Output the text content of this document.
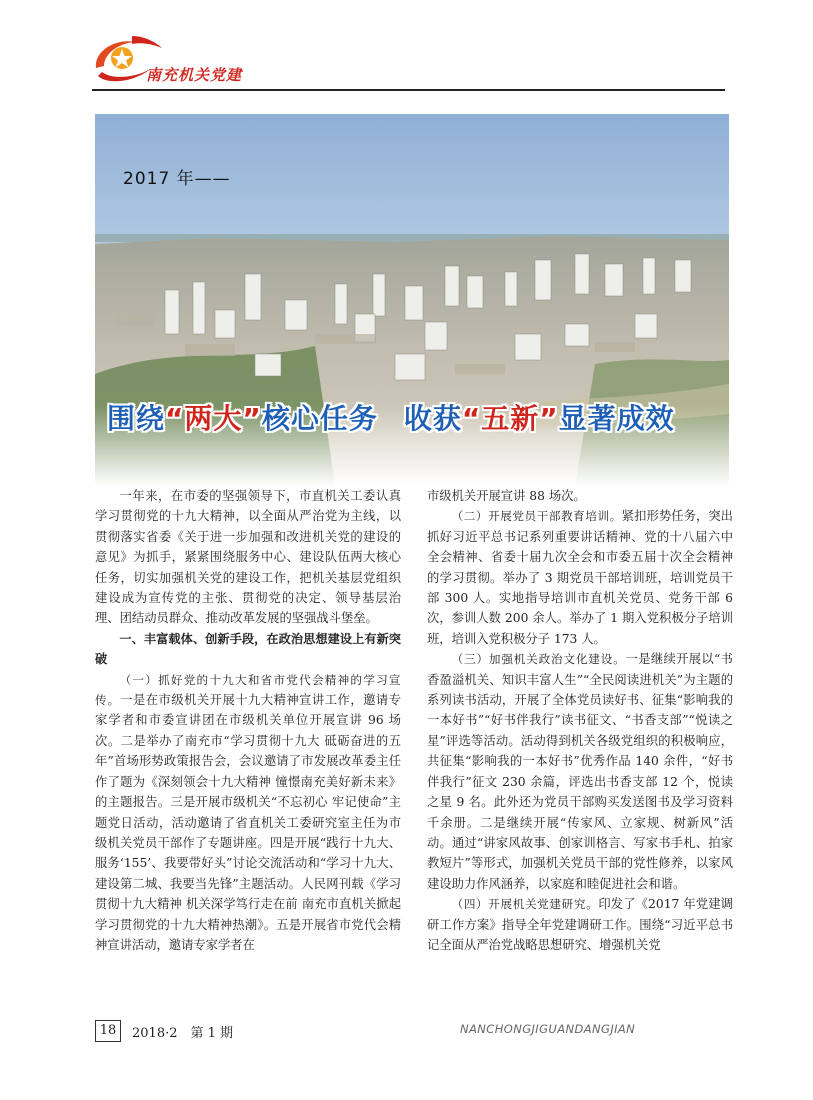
南充机关党建
2017 年——
围绕“两大”核心任务 收获“五新”显著成效

一年来，在市委的坚强领导下，市直机关工委认真学习贯彻党的十九大精神，以全面从严治党为主线，以贯彻落实省委《关于进一步加强和改进机关党的建设的意见》为抓手，紧紧围绕服务中心、建设队伍两大核心任务，切实加强机关党的建设工作，把机关基层党组织建设成为宣传党的主张、贯彻党的决定、领导基层治理、团结动员群众、推动改革发展的坚强战斗堡垒。

一、丰富载体、创新手段，在政治思想建设上有新突破

（一）抓好党的十九大和省市党代会精神的学习宣传。一是在市级机关开展十九大精神宣讲工作，邀请专家学者和市委宣讲团在市级机关单位开展宣讲 96 场次。二是举办了南充市“学习贯彻十九大 砥砺奋进的五年”首场形势政策报告会，会议邀请了市发展改革委主任作了题为《深刻领会十九大精神 憧憬南充美好新未来》的主题报告。三是开展市级机关“不忘初心 牢记使命”主题党日活动，活动邀请了省直机关工委研究室主任为市级机关党员干部作了专题讲座。四是开展“践行十九大、服务‘155’、我要带好头”讨论交流活动和“学习十九大、建设第二城、我要当先锋”主题活动。人民网刊载《学习贯彻十九大精神 机关深学笃行走在前 南充市直机关掀起学习贯彻党的十九大精神热潮》。五是开展省市党代会精神宣讲活动，邀请专家学者在

市级机关开展宣讲 88 场次。

（二）开展党员干部教育培训。紧扣形势任务，突出抓好习近平总书记系列重要讲话精神、党的十八届六中全会精神、省委十届九次全会和市委五届十次全会精神的学习贯彻。举办了 3 期党员干部培训班，培训党员干部 300 人。实地指导培训市直机关党员、党务干部 6 次，参训人数 200 余人。举办了 1 期入党积极分子培训班，培训入党积极分子 173 人。

（三）加强机关政治文化建设。一是继续开展以“书香盈溢机关、知识丰富人生”“全民阅读进机关”为主题的系列读书活动，开展了全体党员读好书、征集“影响我的一本好书”“好书伴我行”读书征文、“书香支部”“悦读之星”评选等活动。活动得到机关各级党组织的积极响应，共征集“影响我的一本好书”优秀作品 140 余件，“好书伴我行”征文 230 余篇，评选出书香支部 12 个，悦读之星 9 名。此外还为党员干部购买发送图书及学习资料千余册。二是继续开展“传家风、立家规、树新风”活动。通过“讲家风故事、创家训格言、写家书手札、拍家教短片”等形式，加强机关党员干部的党性修养，以家风建设助力作风涵养，以家庭和睦促进社会和谐。

（四）开展机关党建研究。印发了《2017 年党建调研工作方案》指导全年党建调研工作。围绕“习近平总书记全面从严治党战略思想研究、增强机关党

18	2018·2　第 1 期	NANCHONGJIGUANDANGJIAN
